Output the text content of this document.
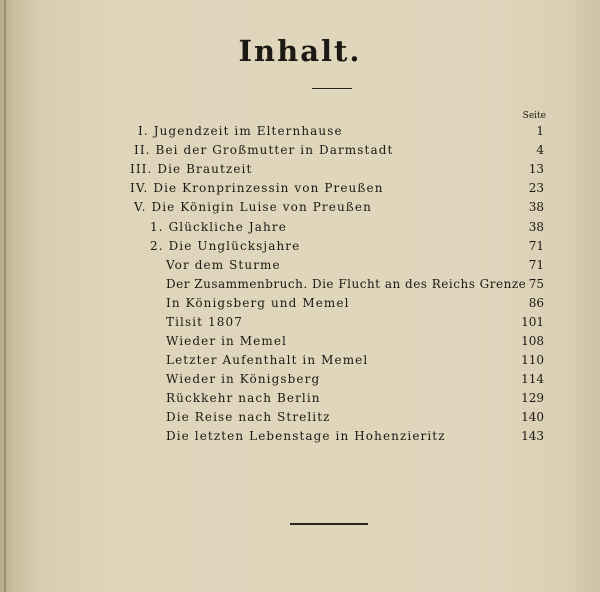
Inhalt.
Seite
I. Jugendzeit im Elternhause	1
II. Bei der Großmutter in Darmstadt	4
III. Die Brautzeit	13
IV. Die Kronprinzessin von Preußen	23
V. Die Königin Luise von Preußen	38
1. Glückliche Jahre	38
2. Die Unglücksjahre	71
Vor dem Sturme	71
Der Zusammenbruch. Die Flucht an des Reichs Grenze 75
In Königsberg und Memel	86
Tilsit 1807	101
Wieder in Memel	108
Letzter Aufenthalt in Memel	110
Wieder in Königsberg	114
Rückkehr nach Berlin	129
Die Reise nach Strelitz	140
Die letzten Lebenstage in Hohenzieritz	143
